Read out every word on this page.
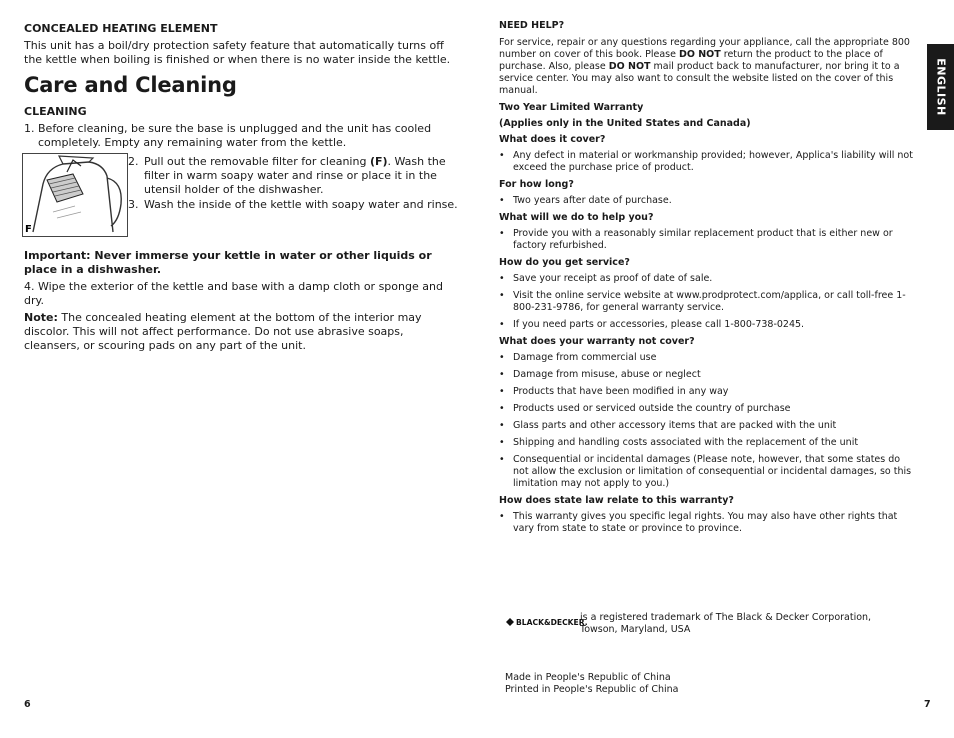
CONCEALED HEATING ELEMENT
This unit has a boil/dry protection safety feature that automatically turns off the kettle when boiling is finished or when there is no water inside the kettle.
Care and Cleaning
CLEANING
1. Before cleaning, be sure the base is unplugged and the unit has cooled completely. Empty any remaining water from the kettle.
F
2. Pull out the removable filter for cleaning (F). Wash the filter in warm soapy water and rinse or place it in the utensil holder of the dishwasher.
3. Wash the inside of the kettle with soapy water and rinse.
Important: Never immerse your kettle in water or other liquids or place in a dishwasher.
4. Wipe the exterior of the kettle and base with a damp cloth or sponge and dry.
Note: The concealed heating element at the bottom of the interior may discolor. This will not affect performance. Do not use abrasive soaps, cleansers, or scouring pads on any part of the unit.
6
NEED HELP?
For service, repair or any questions regarding your appliance, call the appropriate 800 number on cover of this book. Please DO NOT return the product to the place of purchase. Also, please DO NOT mail product back to manufacturer, nor bring it to a service center. You may also want to consult the website listed on the cover of this manual.
Two Year Limited Warranty
(Applies only in the United States and Canada)
What does it cover?
• Any defect in material or workmanship provided; however, Applica's liability will not exceed the purchase price of product.
For how long?
• Two years after date of purchase.
What will we do to help you?
• Provide you with a reasonably similar replacement product that is either new or factory refurbished.
How do you get service?
• Save your receipt as proof of date of sale.
• Visit the online service website at www.prodprotect.com/applica, or call toll-free 1-800-231-9786, for general warranty service.
• If you need parts or accessories, please call 1-800-738-0245.
What does your warranty not cover?
• Damage from commercial use
• Damage from misuse, abuse or neglect
• Products that have been modified in any way
• Products used or serviced outside the country of purchase
• Glass parts and other accessory items that are packed with the unit
• Shipping and handling costs associated with the replacement of the unit
• Consequential or incidental damages (Please note, however, that some states do not allow the exclusion or limitation of consequential or incidental damages, so this limitation may not apply to you.)
How does state law relate to this warranty?
• This warranty gives you specific legal rights. You may also have other rights that vary from state to state or province to province.
BLACK&DECKER.
is a registered trademark of The Black & Decker Corporation,
Towson, Maryland, USA
Made in People's Republic of China
Printed in People's Republic of China
7
ENGLISH
